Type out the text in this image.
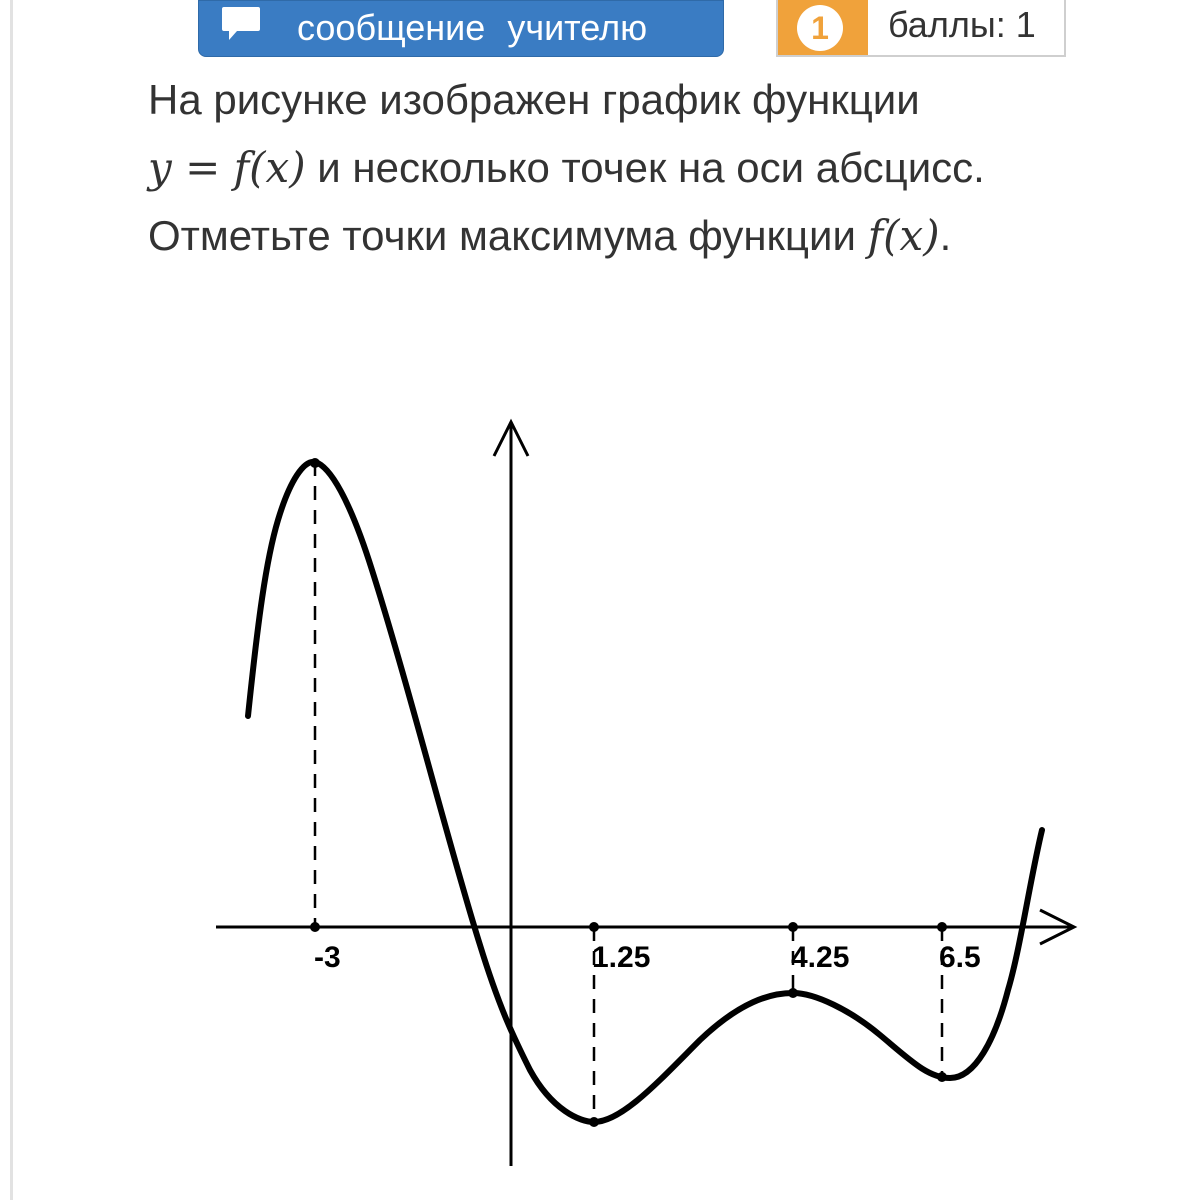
сообщение учителю	1	баллы: 1
На рисунке изображен график функции
y = f(x) и несколько точек на оси абсцисс.
Отметьте точки максимума функции f(x).
-3	1.25	4.25	6.5
